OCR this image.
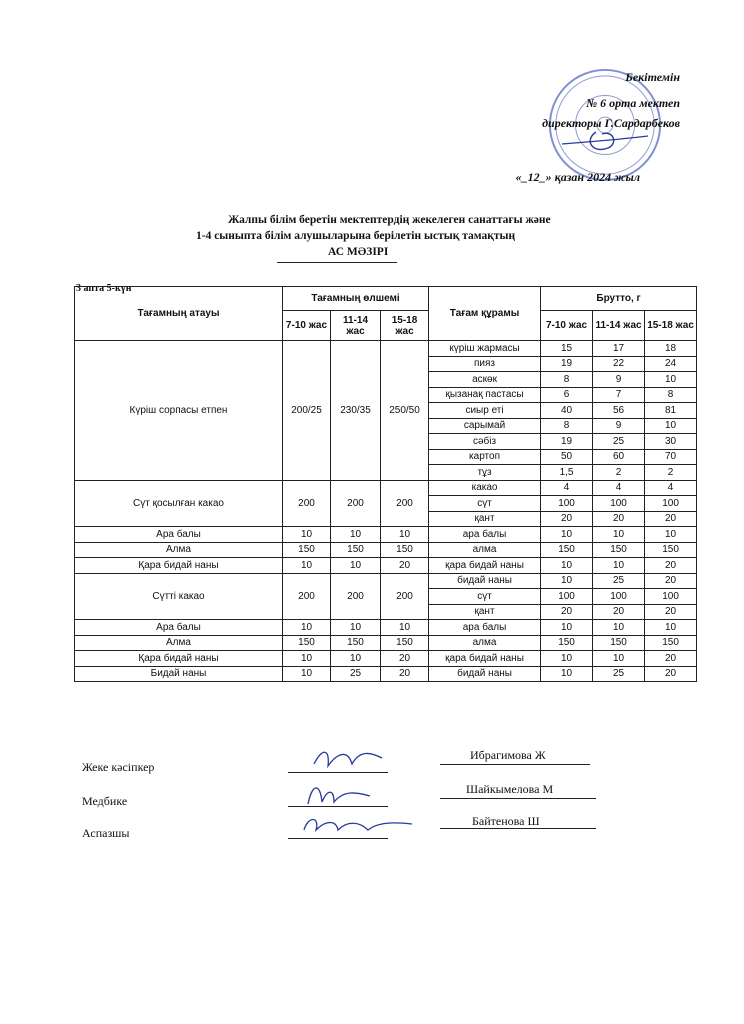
Бекітемін
№ 6 орта мектеп
директоры Г.Сардарбеков
«_12_» қазан 2024 жыл
Жалпы білім беретін мектептердің жекелеген санаттағы және
1-4 сыныпта білім алушыларына берілетін ыстық тамақтың
АС МӘЗІРІ
3 апта 5-күн
Тағамның атауы	Тағамның өлшемі			Тағам құрамы	Брутто, г		
	7-10 жас	11-14 жас	15-18 жас		7-10 жас	11-14 жас	15-18 жас
Күріш сорпасы етпен	200/25	230/35	250/50	күріш жармасы	15	17	18
				пияз	19	22	24
				аскөк	8	9	10
				қызанақ пастасы	6	7	8
				сиыр еті	40	56	81
				сарымай	8	9	10
				сәбіз	19	25	30
				картоп	50	60	70
				тұз	1,5	2	2
Сүт қосылған какао	200	200	200	какао	4	4	4
				сүт	100	100	100
				қант	20	20	20
Ара балы	10	10	10	ара балы	10	10	10
Алма	150	150	150	алма	150	150	150
Қара бидай наны	10	10	20	қара бидай наны	10	10	20
Сүтті какао	200	200	200	бидай наны	10	25	20
				сүт	100	100	100
				қант	20	20	20
Ара балы	10	10	10	ара балы	10	10	10
Алма	150	150	150	алма	150	150	150
Қара бидай наны	10	10	20	қара бидай наны	10	10	20
Бидай наны	10	25	20	бидай наны	10	25	20
Жеке кәсіпкер
Ибрагимова Ж
Медбике
Шайкымелова М
Аспазшы
Байтенова Ш
